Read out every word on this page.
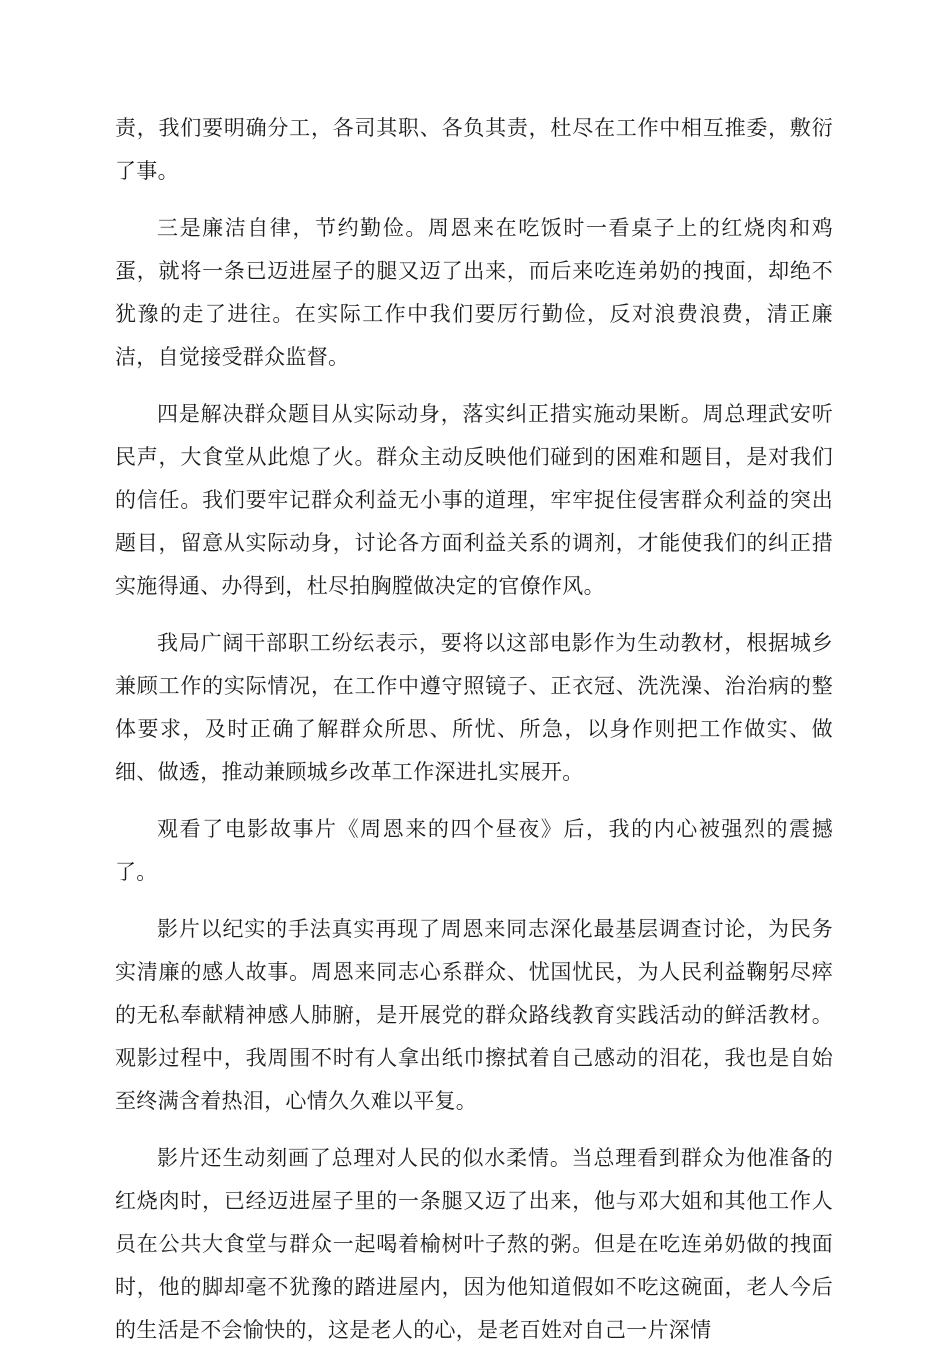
责，我们要明确分工，各司其职、各负其责，杜尽在工作中相互推委，敷衍了事。

三是廉洁自律，节约勤俭。周恩来在吃饭时一看桌子上的红烧肉和鸡蛋，就将一条已迈进屋子的腿又迈了出来，而后来吃连弟奶的拽面，却绝不犹豫的走了进往。在实际工作中我们要厉行勤俭，反对浪费浪费，清正廉洁，自觉接受群众监督。

四是解决群众题目从实际动身，落实纠正措实施动果断。周总理武安听民声，大食堂从此熄了火。群众主动反映他们碰到的困难和题目，是对我们的信任。我们要牢记群众利益无小事的道理，牢牢捉住侵害群众利益的突出题目，留意从实际动身，讨论各方面利益关系的调剂，才能使我们的纠正措实施得通、办得到，杜尽拍胸膛做决定的官僚作风。

我局广阔干部职工纷纭表示，要将以这部电影作为生动教材，根据城乡兼顾工作的实际情况，在工作中遵守照镜子、正衣冠、洗洗澡、治治病的整体要求，及时正确了解群众所思、所忧、所急，以身作则把工作做实、做细、做透，推动兼顾城乡改革工作深进扎实展开。

观看了电影故事片《周恩来的四个昼夜》后，我的内心被强烈的震撼了。

影片以纪实的手法真实再现了周恩来同志深化最基层调查讨论，为民务实清廉的感人故事。周恩来同志心系群众、忧国忧民，为人民利益鞠躬尽瘁的无私奉献精神感人肺腑，是开展党的群众路线教育实践活动的鲜活教材。观影过程中，我周围不时有人拿出纸巾擦拭着自己感动的泪花，我也是自始至终满含着热泪，心情久久难以平复。

影片还生动刻画了总理对人民的似水柔情。当总理看到群众为他准备的红烧肉时，已经迈进屋子里的一条腿又迈了出来，他与邓大姐和其他工作人员在公共大食堂与群众一起喝着榆树叶子熬的粥。但是在吃连弟奶做的拽面时，他的脚却毫不犹豫的踏进屋内，因为他知道假如不吃这碗面，老人今后的生活是不会愉快的，这是老人的心，是老百姓对自己一片深情
